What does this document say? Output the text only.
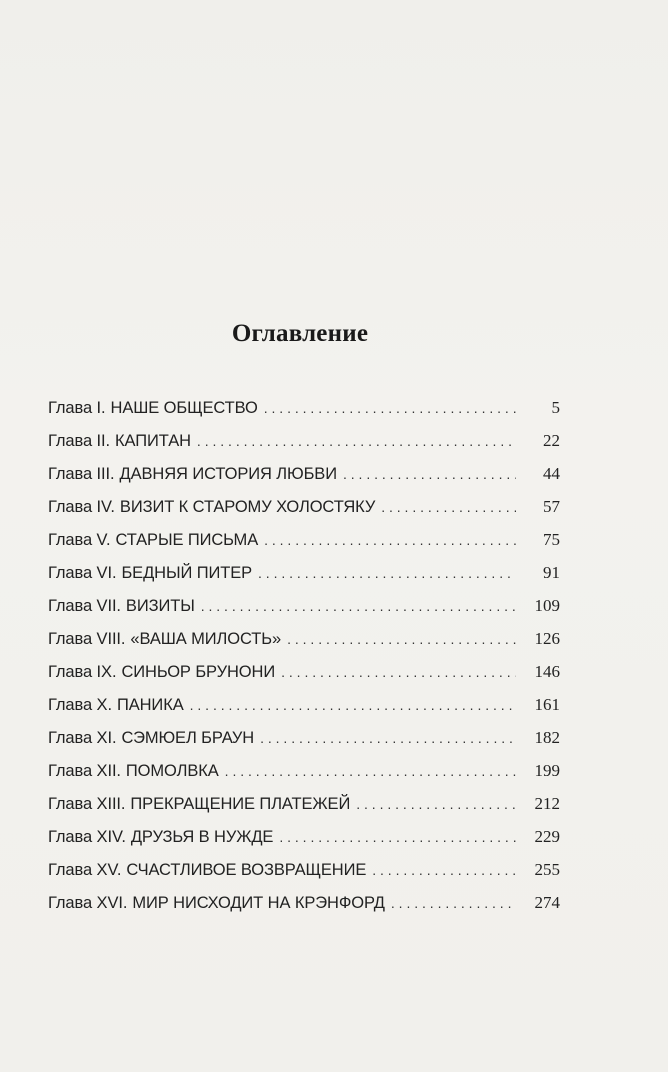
Оглавление
Глава I. НАШЕ ОБЩЕСТВО . . .	5
Глава II. КАПИТАН . . .	22
Глава III. ДАВНЯЯ ИСТОРИЯ ЛЮБВИ . . .	44
Глава IV. ВИЗИТ К СТАРОМУ ХОЛОСТЯКУ . . .	57
Глава V. СТАРЫЕ ПИСЬМА . . .	75
Глава VI. БЕДНЫЙ ПИТЕР . . .	91
Глава VII. ВИЗИТЫ . . .	109
Глава VIII. «ВАША МИЛОСТЬ» . . .	126
Глава IX. СИНЬОР БРУНОНИ . . .	146
Глава X. ПАНИКА . . .	161
Глава XI. СЭМЮЕЛ БРАУН . . .	182
Глава XII. ПОМОЛВКА . . .	199
Глава XIII. ПРЕКРАЩЕНИЕ ПЛАТЕЖЕЙ . . .	212
Глава XIV. ДРУЗЬЯ В НУЖДЕ . . .	229
Глава XV. СЧАСТЛИВОЕ ВОЗВРАЩЕНИЕ . . .	255
Глава XVI. МИР НИСХОДИТ НА КРЭНФОРД . . .	274
